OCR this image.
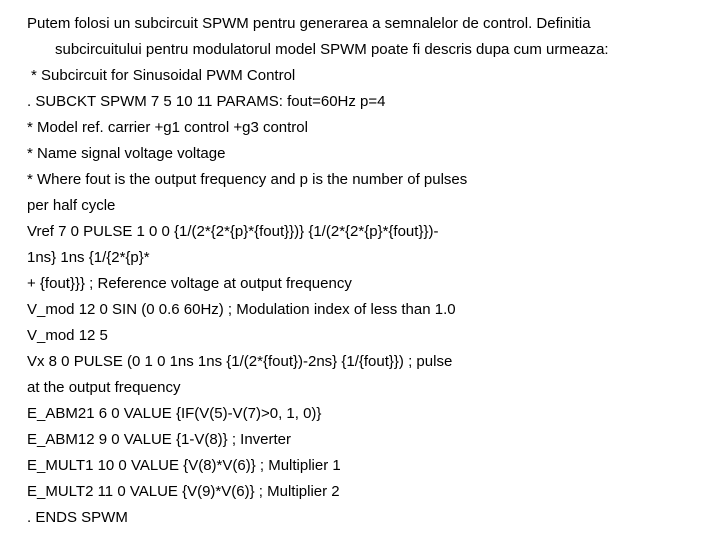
Putem folosi un subcircuit SPWM pentru generarea a semnalelor de control. Definitia
subcircuitului pentru modulatorul model SPWM poate fi descris dupa cum urmeaza:
* Subcircuit for Sinusoidal PWM Control
. SUBCKT SPWM 7 5 10 11 PARAMS: fout=60Hz p=4
* Model ref. carrier +g1 control +g3 control
* Name signal voltage voltage
* Where fout is the output frequency and p is the number of pulses
per half cycle
Vref 7 0 PULSE 1 0 0 {1/(2*{2*{p}*{fout}})} {1/(2*{2*{p}*{fout}})-
1ns} 1ns {1/{2*{p}*
+ {fout}}} ; Reference voltage at output frequency
V_mod 12 0 SIN (0 0.6 60Hz) ; Modulation index of less than 1.0
V_mod 12 5
Vx 8 0 PULSE (0 1 0 1ns 1ns {1/(2*{fout})-2ns} {1/{fout}}) ; pulse
at the output frequency
E_ABM21 6 0 VALUE {IF(V(5)-V(7)>0, 1, 0)}
E_ABM12 9 0 VALUE {1-V(8)} ; Inverter
E_MULT1 10 0 VALUE {V(8)*V(6)} ; Multiplier 1
E_MULT2 11 0 VALUE {V(9)*V(6)} ; Multiplier 2
. ENDS SPWM
